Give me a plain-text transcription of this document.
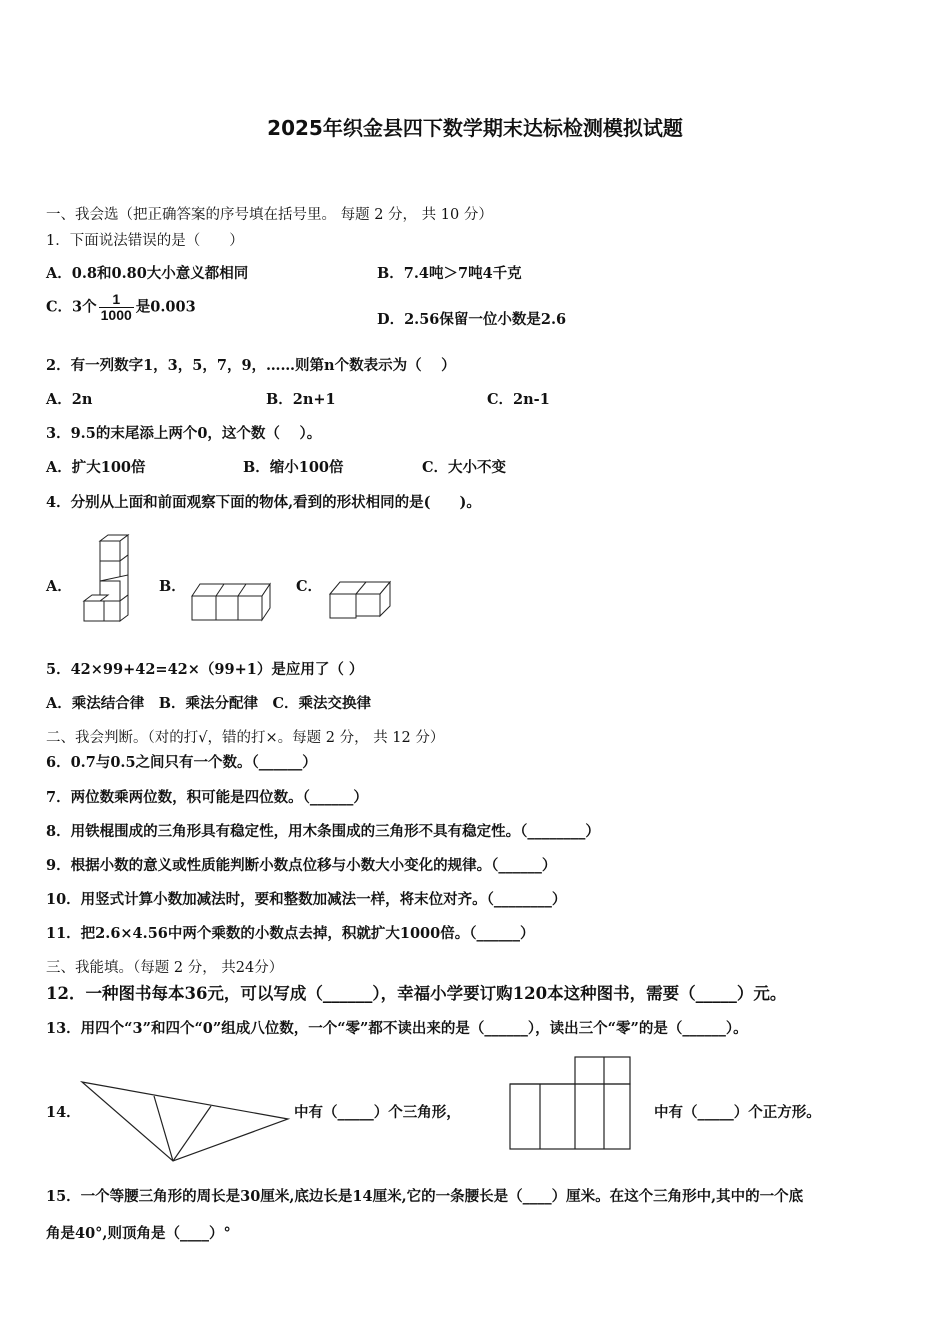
2025年织金县四下数学期末达标检测模拟试题
一、我会选（把正确答案的序号填在括号里。 每题 2 分， 共 10 分）
1．下面说法错误的是（　　）
A．0.8和0.80大小意义都相同	B．7.4吨＞7吨4千克
C．3个 $\frac{1}{1000}$ 是0.003
D．2.56保留一位小数是2.6
2．有一列数字1，3，5，7，9，……则第n个数表示为（　 ）
A．2n	B．2n+1	C．2n-1
3．9.5的末尾添上两个0，这个数（　 ）。
A．扩大100倍	B．缩小100倍	C．大小不变
4．分别从上面和前面观察下面的物体,看到的形状相同的是(　　)。
A．	B．	C．
5．42×99+42=42×（99+1）是应用了（ ）
A．乘法结合律　B．乘法分配律　C．乘法交换律
二、我会判断。（对的打√，错的打×。每题 2 分， 共 12 分）
6．0.7与0.5之间只有一个数。（______）
7．两位数乘两位数，积可能是四位数。（______）
8．用铁棍围成的三角形具有稳定性，用木条围成的三角形不具有稳定性。（________）
9．根据小数的意义或性质能判断小数点位移与小数大小变化的规律。（______）
10．用竖式计算小数加减法时，要和整数加减法一样，将末位对齐。（________）
11．把2.6×4.56中两个乘数的小数点去掉，积就扩大1000倍。（______）
三、我能填。（每题 2 分， 共24分）
12．一种图书每本36元，可以写成（______），幸福小学要订购120本这种图书，需要（_____）元。
13．用四个“3”和四个“0”组成八位数，一个“零”都不读出来的是（______），读出三个“零”的是（______）。
14．	中有（_____）个三角形，	中有（_____）个正方形。
15．一个等腰三角形的周长是30厘米,底边长是14厘米,它的一条腰长是（____）厘米。在这个三角形中,其中的一个底
角是40°,则顶角是（____）°
